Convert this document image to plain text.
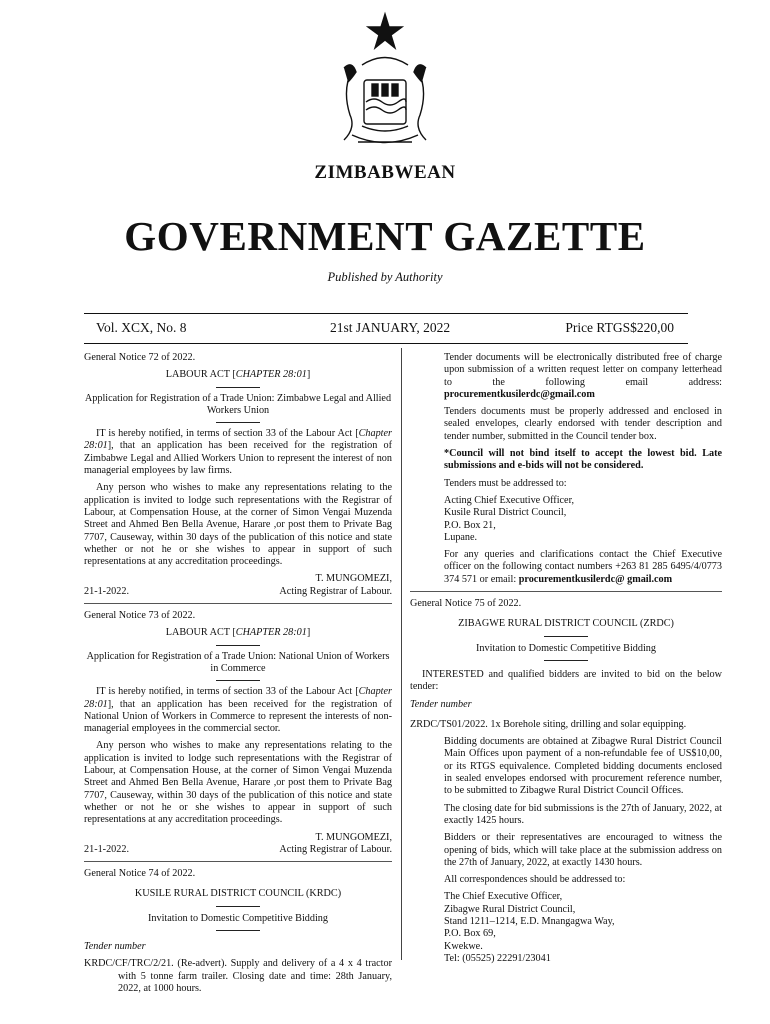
ZIMBABWEAN
GOVERNMENT GAZETTE
Published by Authority
Vol. XCX, No. 8	21st JANUARY, 2022	Price RTGS$220,00

General Notice 72 of 2022.

LABOUR ACT [CHAPTER 28:01]

Application for Registration of a Trade Union: Zimbabwe Legal and Allied Workers Union

IT is hereby notified, in terms of section 33 of the Labour Act [Chapter 28:01], that an application has been received for the registration of Zimbabwe Legal and Allied Workers Union to represent the interest of non managerial employees by law firms.

Any person who wishes to make any representations relating to the application is invited to lodge such representations with the Registrar of Labour, at Compensation House, at the corner of Simon Vengai Muzenda Street and Ahmed Ben Bella Avenue, Harare ,or post them to Private Bag 7707, Causeway, within 30 days of the publication of this notice and state whether or not he or she wishes to appear in support of such representations at any accreditation proceedings.

T. MUNGOMEZI,

21-1-2022.	Acting Registrar of Labour.

General Notice 73 of 2022.

LABOUR ACT [CHAPTER 28:01]

Application for Registration of a Trade Union: National Union of Workers in Commerce

IT is hereby notified, in terms of section 33 of the Labour Act [Chapter 28:01], that an application has been received for the registration of National Union of Workers in Commerce to represent the interests of non-managerial employees in the commercial sector.

Any person who wishes to make any representations relating to the application is invited to lodge such representations with the Registrar of Labour, at Compensation House, at the corner of Simon Vengai Muzenda Street and Ahmed Ben Bella Avenue, Harare ,or post them to Private Bag 7707, Causeway, within 30 days of the publication of this notice and state whether or not he or she wishes to appear in support of such representations at any accreditation proceedings.

T. MUNGOMEZI,

21-1-2022.	Acting Registrar of Labour.

General Notice 74 of 2022.

KUSILE RURAL DISTRICT COUNCIL (KRDC)

Invitation to Domestic Competitive Bidding

Tender number

KRDC/CF/TRC/2/21. (Re-advert). Supply and delivery of a 4 x 4 tractor with 5 tonne farm trailer. Closing date and time: 28th January, 2022, at 1000 hours.

Tender documents will be electronically distributed free of charge upon submission of a written request letter on company letterhead to the following email address: procurementkusilerdc@gmail.com

Tenders documents must be properly addressed and enclosed in sealed envelopes, clearly endorsed with tender description and tender number, submitted in the Council tender box.

*Council will not bind itself to accept the lowest bid. Late submissions and e-bids will not be considered.

Tenders must be addressed to:

Acting Chief Executive Officer,
Kusile Rural District Council,
P.O. Box 21,
Lupane.

For any queries and clarifications contact the Chief Executive officer on the following contact numbers +263 81 285 6495/4/0773 374 571 or email: procurementkusilerdc@ gmail.com

General Notice 75 of 2022.

ZIBAGWE RURAL DISTRICT COUNCIL (ZRDC)

Invitation to Domestic Competitive Bidding

INTERESTED and qualified bidders are invited to bid on the below tender:

Tender number

ZRDC/TS01/2022. 1x Borehole siting, drilling and solar equipping.

Bidding documents are obtained at Zibagwe Rural District Council Main Offices upon payment of a non-refundable fee of US$10,00, or its RTGS equivalence. Completed bidding documents enclosed in sealed envelopes endorsed with procurement reference number, to be submitted to Zibagwe Rural District Council Offices.

The closing date for bid submissions is the 27th of January, 2022, at exactly 1425 hours.

Bidders or their representatives are encouraged to witness the opening of bids, which will take place at the submission address on the 27th of January, 2022, at exactly 1430 hours.

All correspondences should be addressed to:

The Chief Executive Officer,
Zibagwe Rural District Council,
Stand 1211–1214, E.D. Mnangagwa Way,
P.O. Box 69,
Kwekwe.
Tel: (05525) 22291/23041
